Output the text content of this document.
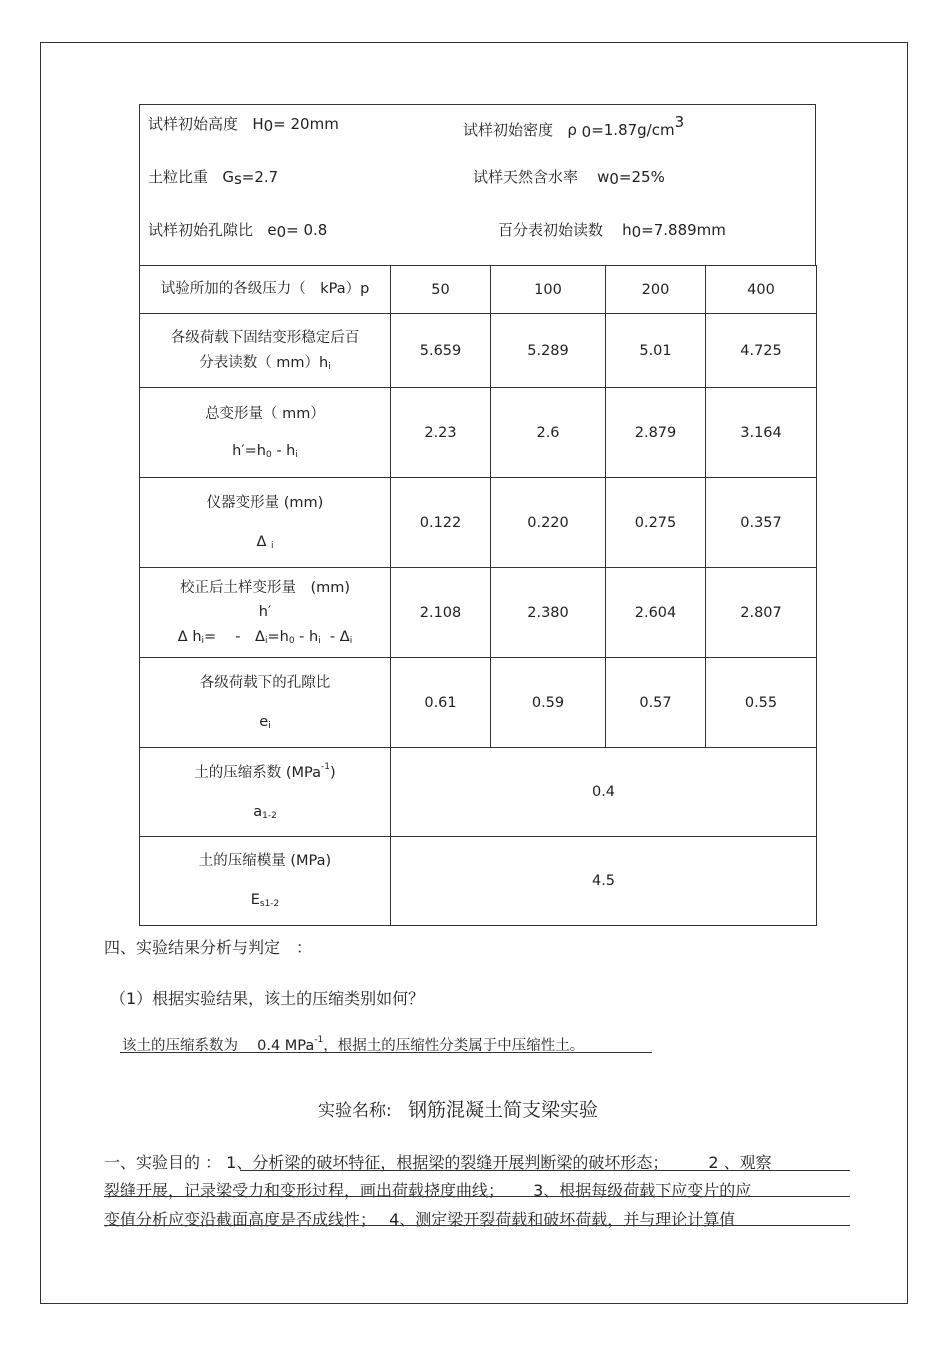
试样初始高度 H0= 20mm	试样初始密度 ρ 0=1.87g/cm3
土粒比重 Gs=2.7	试样天然含水率 w0=25%
试样初始孔隙比 e0= 0.8	百分表初始读数 h0=7.889mm
试验所加的各级压力（　kPa）p	50	100	200	400

各级荷载下固结变形稳定后百
分表读数（ $mm)h_i$	5.659	5.289	5.01	4.725

总变形量（ mm）
$h'=h_0 - h_i$	2.23	2.6	2.879	3.164

仪器变形量 (mm)
Δ $_i$	0.122	0.220	0.275	0.357

校正后土样变形量　(mm)
h′
Δ $h_i=$ 　-　$\Delta_i=h_0 - h_i - \Delta_i$	2.108	2.380	2.604	2.807

各级荷载下的孔隙比
$e_i$	0.61	0.59	0.57	0.55

土的压缩系数 (MPa$^{-1}$)
$a_{1-2}$	0.4			

土的压缩模量 (MPa)
$E_{s1-2}$	4.5			
四、实验结果分析与判定　：
（1）根据实验结果，该土的压缩类别如何？
该土的压缩系数为　 0.4 MPa$^{-1}$，根据土的压缩性分类属于中压缩性土。
实验名称: 钢筋混凝土简支梁实验
一、实验目的 ： 1、分析梁的破坏特征，根据梁的裂缝开展判断梁的破坏形态；　　　2 、观察
裂缝开展，记录梁受力和变形过程，画出荷载挠度曲线；　　 3、根据每级荷载下应变片的应
变值分析应变沿截面高度是否成线性；　 4、测定梁开裂荷载和破坏荷载，并与理论计算值
